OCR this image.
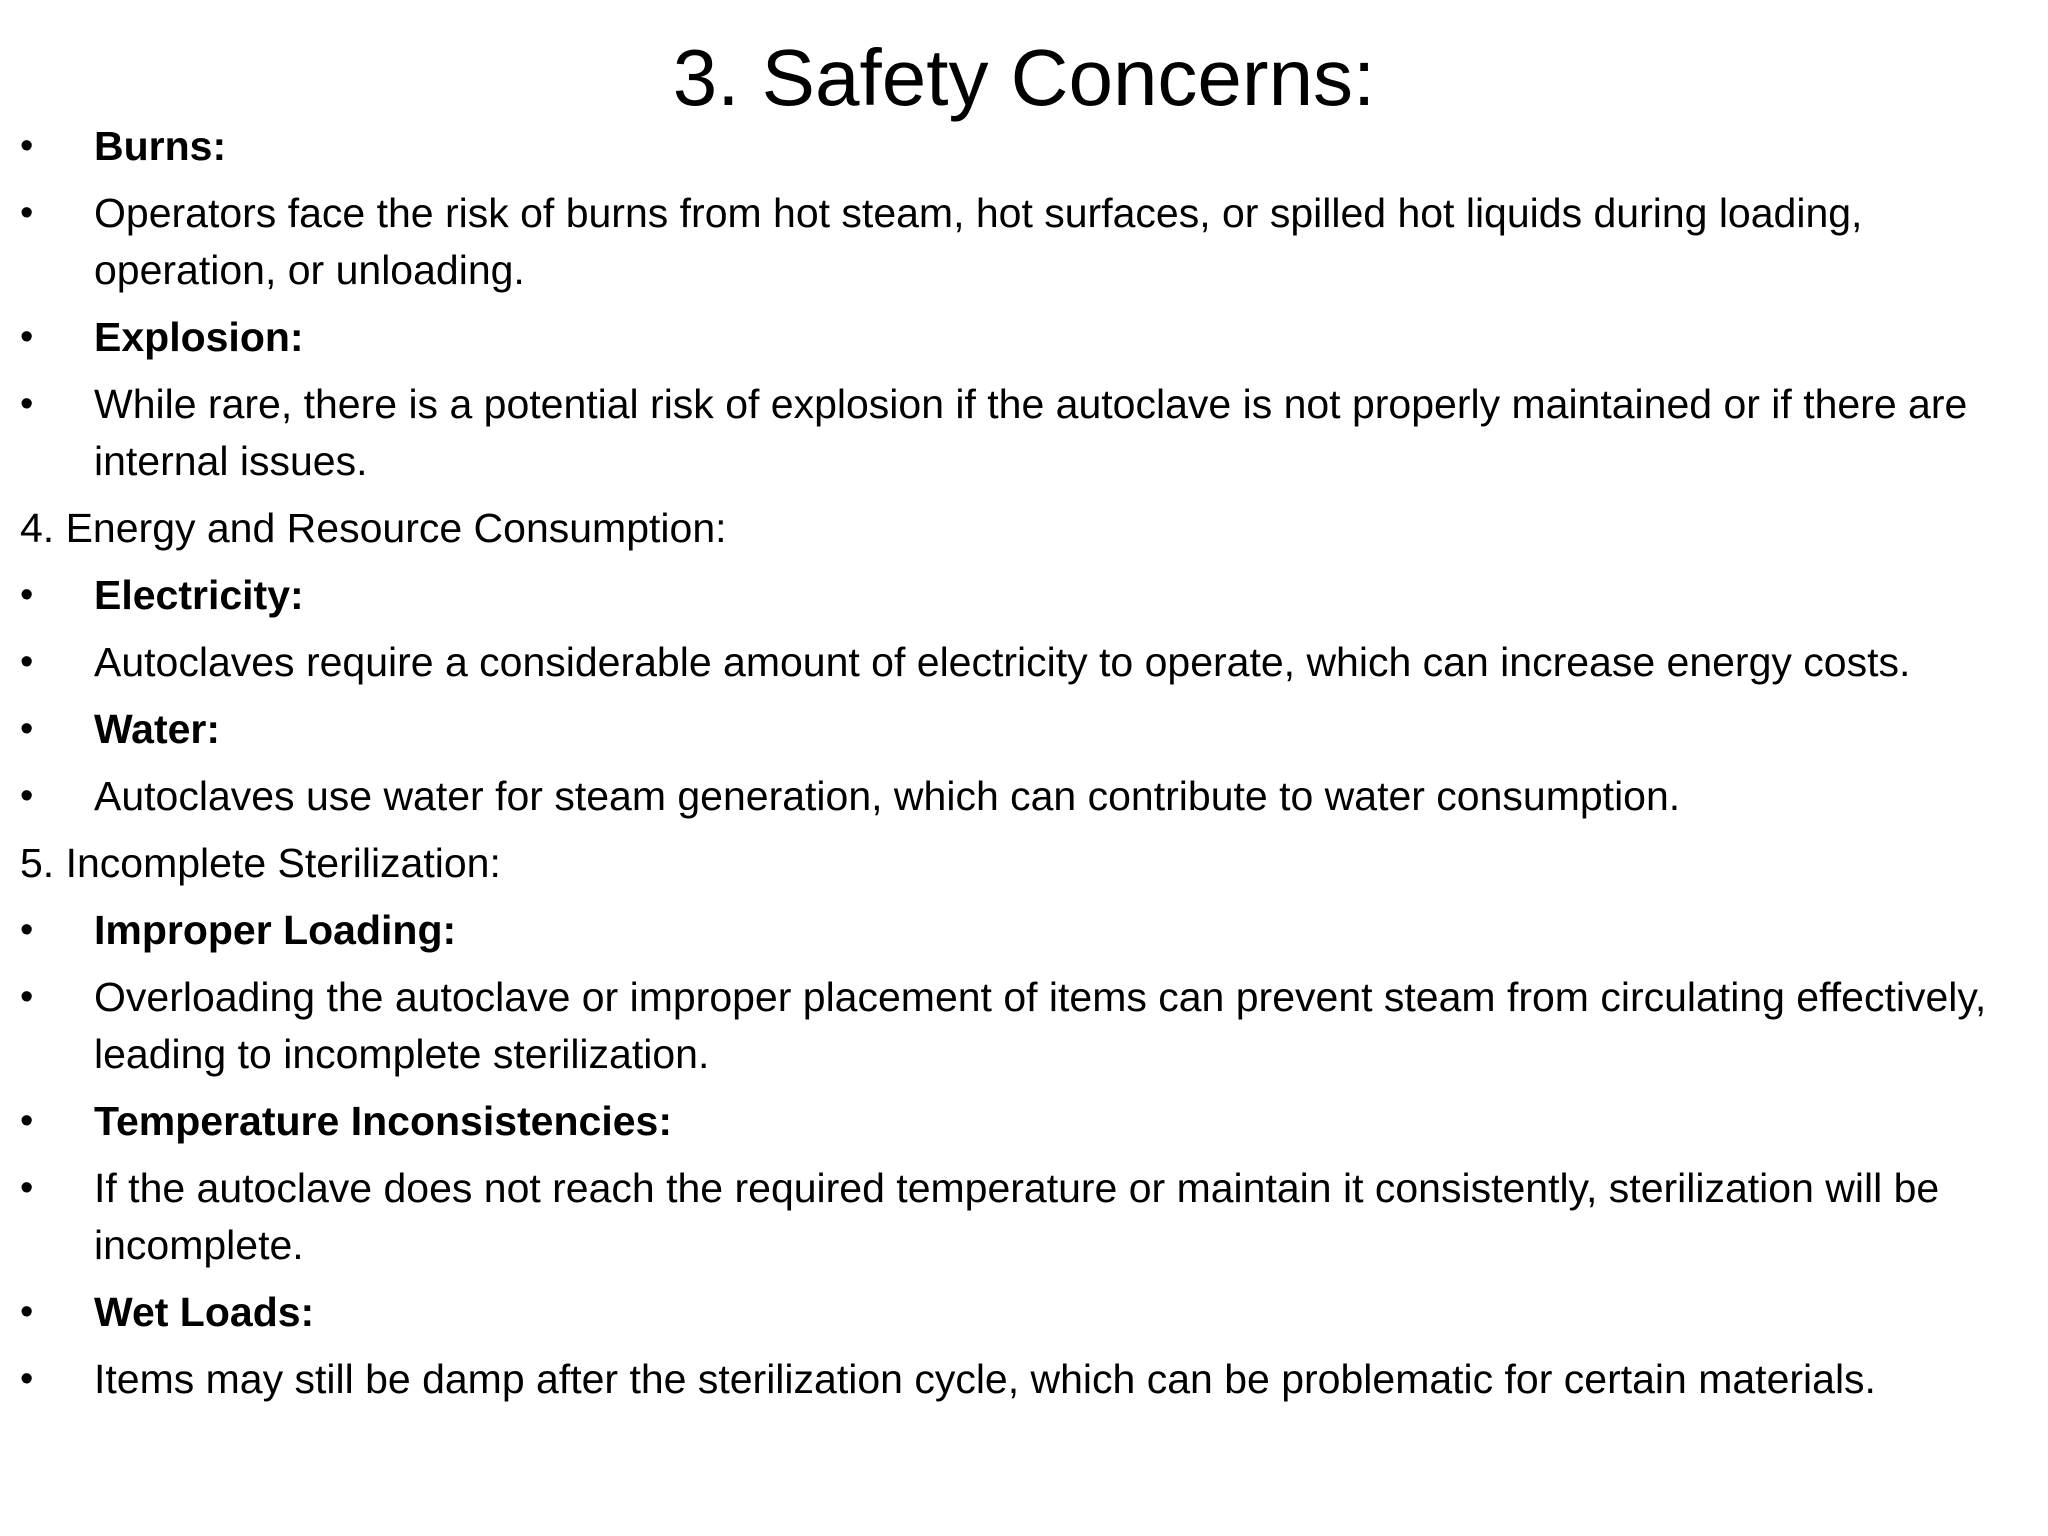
3. Safety Concerns:
•	Burns:
•	Operators face the risk of burns from hot steam, hot surfaces, or spilled hot liquids during loading, operation, or unloading.
•	Explosion:
•	While rare, there is a potential risk of explosion if the autoclave is not properly maintained or if there are internal issues.
4. Energy and Resource Consumption:
•	Electricity:
•	Autoclaves require a considerable amount of electricity to operate, which can increase energy costs.
•	Water:
•	Autoclaves use water for steam generation, which can contribute to water consumption.
5. Incomplete Sterilization:
•	Improper Loading:
•	Overloading the autoclave or improper placement of items can prevent steam from circulating effectively, leading to incomplete sterilization.
•	Temperature Inconsistencies:
•	If the autoclave does not reach the required temperature or maintain it consistently, sterilization will be incomplete.
•	Wet Loads:
•	Items may still be damp after the sterilization cycle, which can be problematic for certain materials.
